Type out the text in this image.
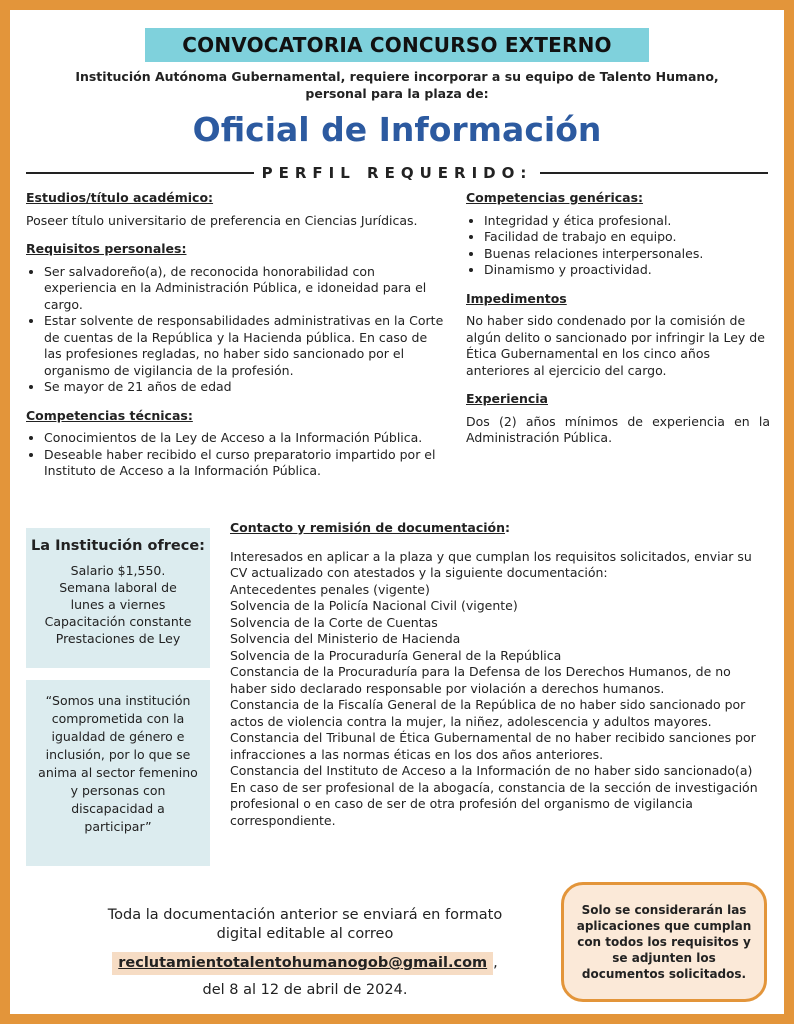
CONVOCATORIA CONCURSO EXTERNO
Institución Autónoma Gubernamental, requiere incorporar a su equipo de Talento Humano,
personal para la plaza de:
Oficial de Información
PERFIL REQUERIDO:
Estudios/título académico:

Poseer título universitario de preferencia en Ciencias Jurídicas.

Requisitos personales:
• Ser salvadoreño(a), de reconocida honorabilidad con experiencia en la Administración Pública, e idoneidad para el cargo.
• Estar solvente de responsabilidades administrativas en la Corte de cuentas de la República y la Hacienda pública. En caso de las profesiones regladas, no haber sido sancionado por el organismo de vigilancia de la profesión.
• Se mayor de 21 años de edad
Competencias técnicas:
• Conocimientos de la Ley de Acceso a la Información Pública.
• Deseable haber recibido el curso preparatorio impartido por el Instituto de Acceso a la Información Pública.
Competencias genéricas:
• Integridad y ética profesional.
• Facilidad de trabajo en equipo.
• Buenas relaciones interpersonales.
• Dinamismo y proactividad.
Impedimentos

No haber sido condenado por la comisión de algún delito o sancionado por infringir la Ley de Ética Gubernamental en los cinco años anteriores al ejercicio del cargo.

Experiencia

Dos (2) años mínimos de experiencia en la Administración Pública.

La Institución ofrece:
Salario $1,550.
Semana laboral de
lunes a viernes
Capacitación constante
Prestaciones de Ley
“Somos una institución comprometida con la igualdad de género e inclusión, por lo que se anima al sector femenino y personas con discapacidad a participar”
Contacto y remisión de documentación:
Interesados en aplicar a la plaza y que cumplan los requisitos solicitados, enviar su CV actualizado con atestados y la siguiente documentación:
Antecedentes penales (vigente)
Solvencia de la Policía Nacional Civil (vigente)
Solvencia de la Corte de Cuentas
Solvencia del Ministerio de Hacienda
Solvencia de la Procuraduría General de la República
Constancia de la Procuraduría para la Defensa de los Derechos Humanos, de no haber sido declarado responsable por violación a derechos humanos.
Constancia de la Fiscalía General de la República de no haber sido sancionado por actos de violencia contra la mujer, la niñez, adolescencia y adultos mayores.
Constancia del Tribunal de Ética Gubernamental de no haber recibido sanciones por infracciones a las normas éticas en los dos años anteriores.
Constancia del Instituto de Acceso a la Información de no haber sido sancionado(a)
En caso de ser profesional de la abogacía, constancia de la sección de investigación profesional o en caso de ser de otra profesión del organismo de vigilancia correspondiente.
Toda la documentación anterior se enviará en formato
digital editable al correo
reclutamientotalentohumanogob@gmail.com ,
del 8 al 12 de abril de 2024.
Solo se considerarán las aplicaciones que cumplan con todos los requisitos y se adjunten los documentos solicitados.
